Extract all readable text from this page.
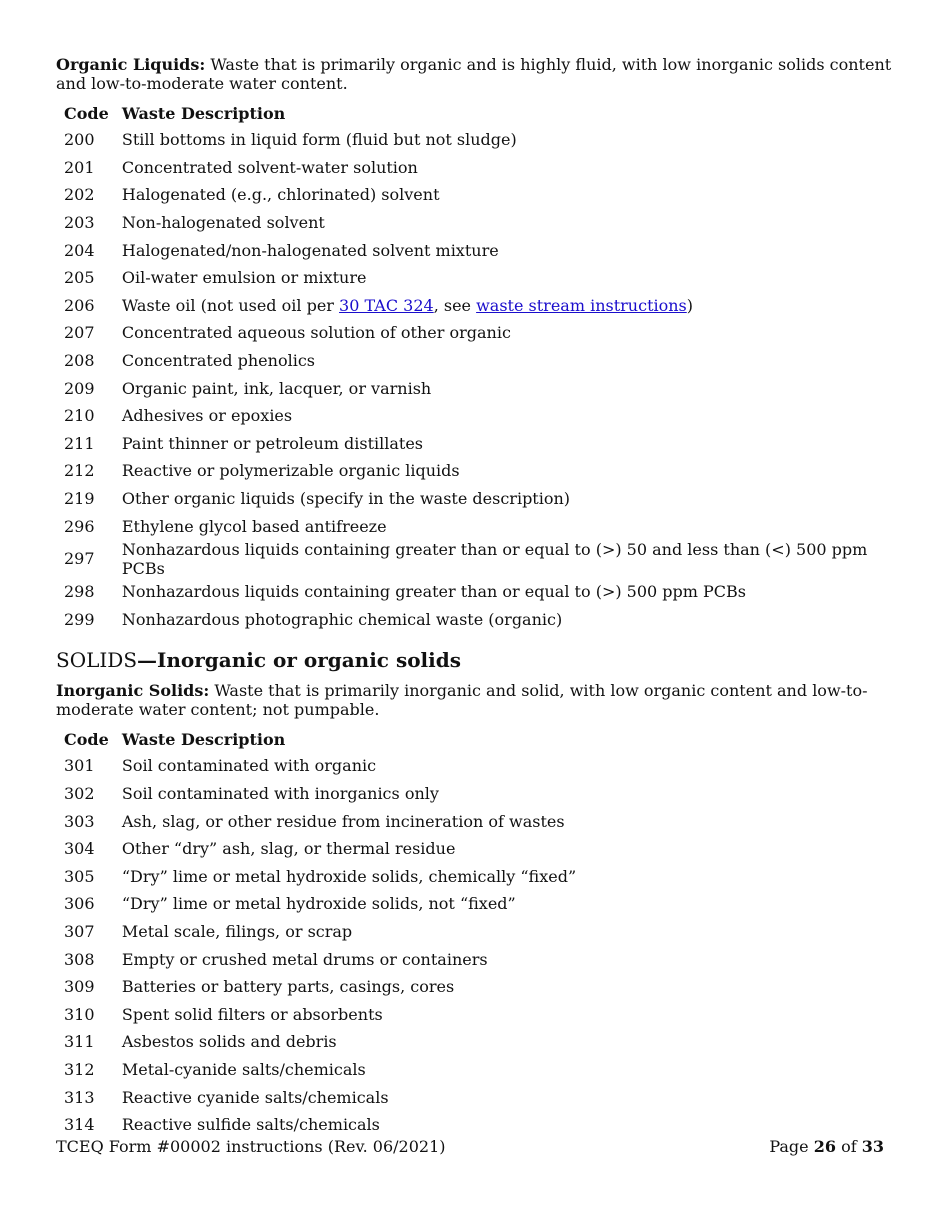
Organic Liquids: Waste that is primarily organic and is highly fluid, with low inorganic solids content and low-to-moderate water content.

Code	Waste Description
200	Still bottoms in liquid form (fluid but not sludge)
201	Concentrated solvent-water solution
202	Halogenated (e.g., chlorinated) solvent
203	Non-halogenated solvent
204	Halogenated/non-halogenated solvent mixture
205	Oil-water emulsion or mixture
206	Waste oil (not used oil per 30 TAC 324, see waste stream instructions)
207	Concentrated aqueous solution of other organic
208	Concentrated phenolics
209	Organic paint, ink, lacquer, or varnish
210	Adhesives or epoxies
211	Paint thinner or petroleum distillates
212	Reactive or polymerizable organic liquids
219	Other organic liquids (specify in the waste description)
296	Ethylene glycol based antifreeze
297	Nonhazardous liquids containing greater than or equal to (>) 50 and less than (<) 500 ppm PCBs
298	Nonhazardous liquids containing greater than or equal to (>) 500 ppm PCBs
299	Nonhazardous photographic chemical waste (organic)
SOLIDS—Inorganic or organic solids

Inorganic Solids: Waste that is primarily inorganic and solid, with low organic content and low-to-moderate water content; not pumpable.

Code	Waste Description
301	Soil contaminated with organic
302	Soil contaminated with inorganics only
303	Ash, slag, or other residue from incineration of wastes
304	Other “dry” ash, slag, or thermal residue
305	“Dry” lime or metal hydroxide solids, chemically “fixed”
306	“Dry” lime or metal hydroxide solids, not “fixed”
307	Metal scale, filings, or scrap
308	Empty or crushed metal drums or containers
309	Batteries or battery parts, casings, cores
310	Spent solid filters or absorbents
311	Asbestos solids and debris
312	Metal-cyanide salts/chemicals
313	Reactive cyanide salts/chemicals
314	Reactive sulfide salts/chemicals
TCEQ Form #00002 instructions (Rev. 06/2021)	Page 26 of 33
